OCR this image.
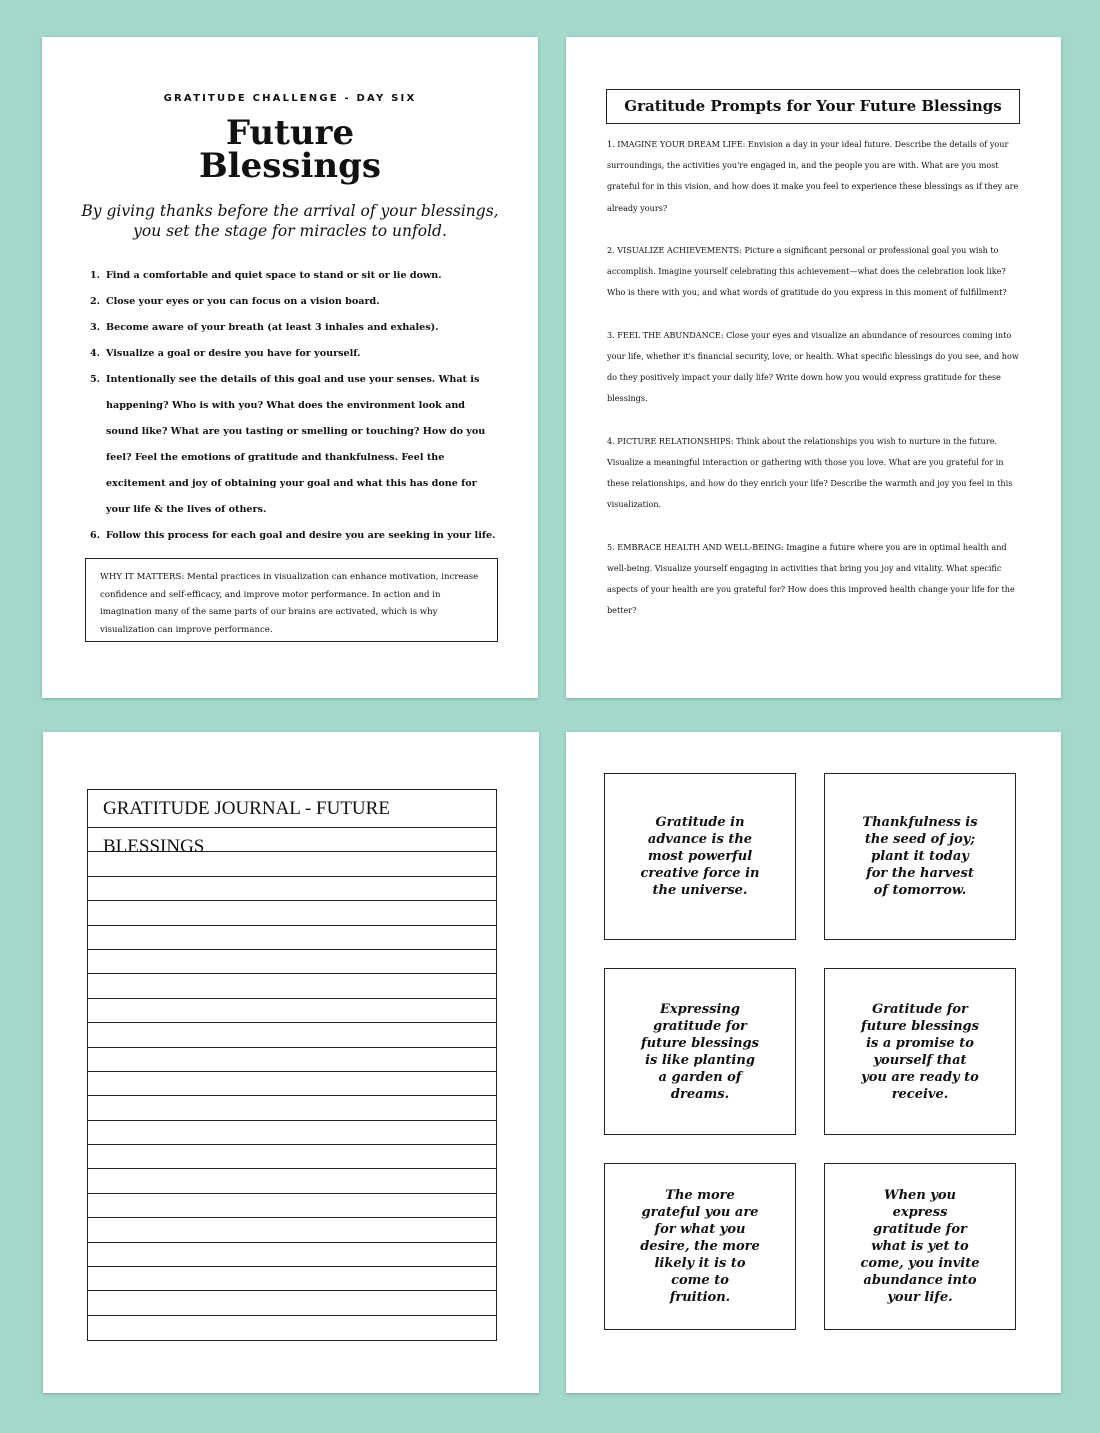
GRATITUDE CHALLENGE - DAY SIX
Future
Blessings
By giving thanks before the arrival of your blessings, you set the stage for miracles to unfold.
1. Find a comfortable and quiet space to stand or sit or lie down.
2. Close your eyes or you can focus on a vision board.
3. Become aware of your breath (at least 3 inhales and exhales).
4. Visualize a goal or desire you have for yourself.
5. Intentionally see the details of this goal and use your senses. What is happening? Who is with you? What does the environment look and sound like? What are you tasting or smelling or touching? How do you feel? Feel the emotions of gratitude and thankfulness. Feel the excitement and joy of obtaining your goal and what this has done for your life & the lives of others.
6. Follow this process for each goal and desire you are seeking in your life.
WHY IT MATTERS: Mental practices in visualization can enhance motivation, increase confidence and self-efficacy, and improve motor performance. In action and in imagination many of the same parts of our brains are activated, which is why visualization can improve performance.
Gratitude Prompts for Your Future Blessings

1. IMAGINE YOUR DREAM LIFE: Envision a day in your ideal future. Describe the details of your surroundings, the activities you're engaged in, and the people you are with. What are you most grateful for in this vision, and how does it make you feel to experience these blessings as if they are already yours?

2. VISUALIZE ACHIEVEMENTS: Picture a significant personal or professional goal you wish to accomplish. Imagine yourself celebrating this achievement—what does the celebration look like? Who is there with you, and what words of gratitude do you express in this moment of fulfillment?

3. FEEL THE ABUNDANCE: Close your eyes and visualize an abundance of resources coming into your life, whether it's financial security, love, or health. What specific blessings do you see, and how do they positively impact your daily life? Write down how you would express gratitude for these blessings.

4. PICTURE RELATIONSHIPS: Think about the relationships you wish to nurture in the future. Visualize a meaningful interaction or gathering with those you love. What are you grateful for in these relationships, and how do they enrich your life? Describe the warmth and joy you feel in this visualization.

5. EMBRACE HEALTH AND WELL-BEING: Imagine a future where you are in optimal health and well-being. Visualize yourself engaging in activities that bring you joy and vitality. What specific aspects of your health are you grateful for? How does this improved health change your life for the better?

GRATITUDE JOURNAL - FUTURE BLESSINGS
Gratitude in advance is the most powerful creative force in the universe.
Thankfulness is the seed of joy; plant it today for the harvest of tomorrow.
Expressing gratitude for future blessings is like planting a garden of dreams.
Gratitude for future blessings is a promise to yourself that you are ready to receive.
The more grateful you are for what you desire, the more likely it is to come to fruition.
When you express gratitude for what is yet to come, you invite abundance into your life.
